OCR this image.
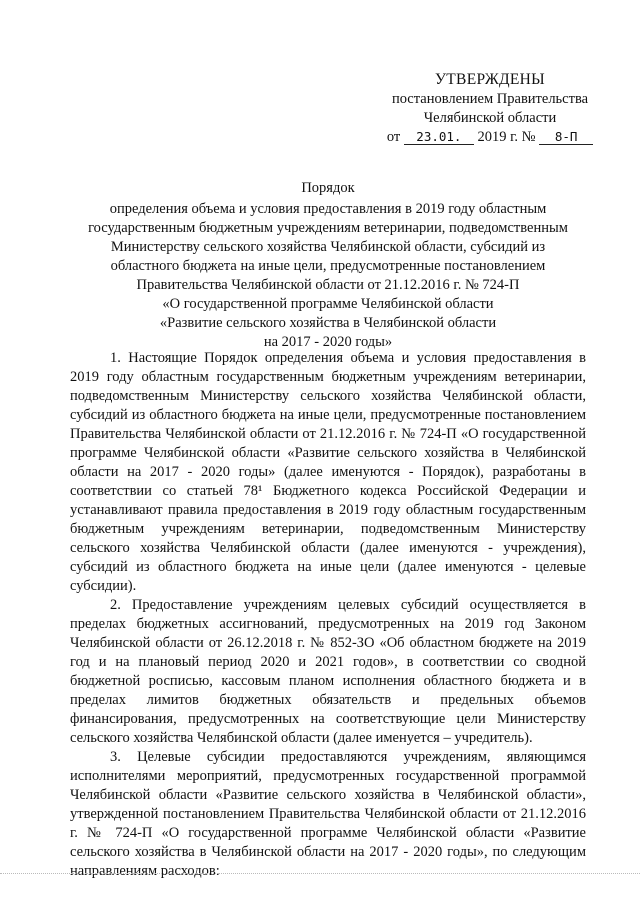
УТВЕРЖДЕНЫ
постановлением Правительства
Челябинской области
от 23.01. 2019 г. № 8-П
Порядок
определения объема и условия предоставления в 2019 году областным
государственным бюджетным учреждениям ветеринарии, подведомственным
Министерству сельского хозяйства Челябинской области, субсидий из
областного бюджета на иные цели, предусмотренные постановлением
Правительства Челябинской области от 21.12.2016 г. № 724-П
«О государственной программе Челябинской области
«Развитие сельского хозяйства в Челябинской области
на 2017 - 2020 годы»

1. Настоящие Порядок определения объема и условия предоставления в 2019 году областным государственным бюджетным учреждениям ветеринарии, подведомственным Министерству сельского хозяйства Челябинской области, субсидий из областного бюджета на иные цели, предусмотренные постановлением Правительства Челябинской области от 21.12.2016 г. № 724-П «О государственной программе Челябинской области «Развитие сельского хозяйства в Челябинской области на 2017 - 2020 годы» (далее именуются - Порядок), разработаны в соответствии со статьей 78¹ Бюджетного кодекса Российской Федерации и устанавливают правила предоставления в 2019 году областным государственным бюджетным учреждениям ветеринарии, подведомственным Министерству сельского хозяйства Челябинской области (далее именуются - учреждения), субсидий из областного бюджета на иные цели (далее именуются - целевые субсидии).

2. Предоставление учреждениям целевых субсидий осуществляется в пределах бюджетных ассигнований, предусмотренных на 2019 год Законом Челябинской области от 26.12.2018 г. № 852-ЗО «Об областном бюджете на 2019 год и на плановый период 2020 и 2021 годов», в соответствии со сводной бюджетной росписью, кассовым планом исполнения областного бюджета и в пределах лимитов бюджетных обязательств и предельных объемов финансирования, предусмотренных на соответствующие цели Министерству сельского хозяйства Челябинской области (далее именуется – учредитель).

3. Целевые субсидии предоставляются учреждениям, являющимся исполнителями мероприятий, предусмотренных государственной программой Челябинской области «Развитие сельского хозяйства в Челябинской области», утвержденной постановлением Правительства Челябинской области от 21.12.2016 г. № 724-П «О государственной программе Челябинской области «Развитие сельского хозяйства в Челябинской области на 2017 - 2020 годы», по следующим направлениям расходов:
